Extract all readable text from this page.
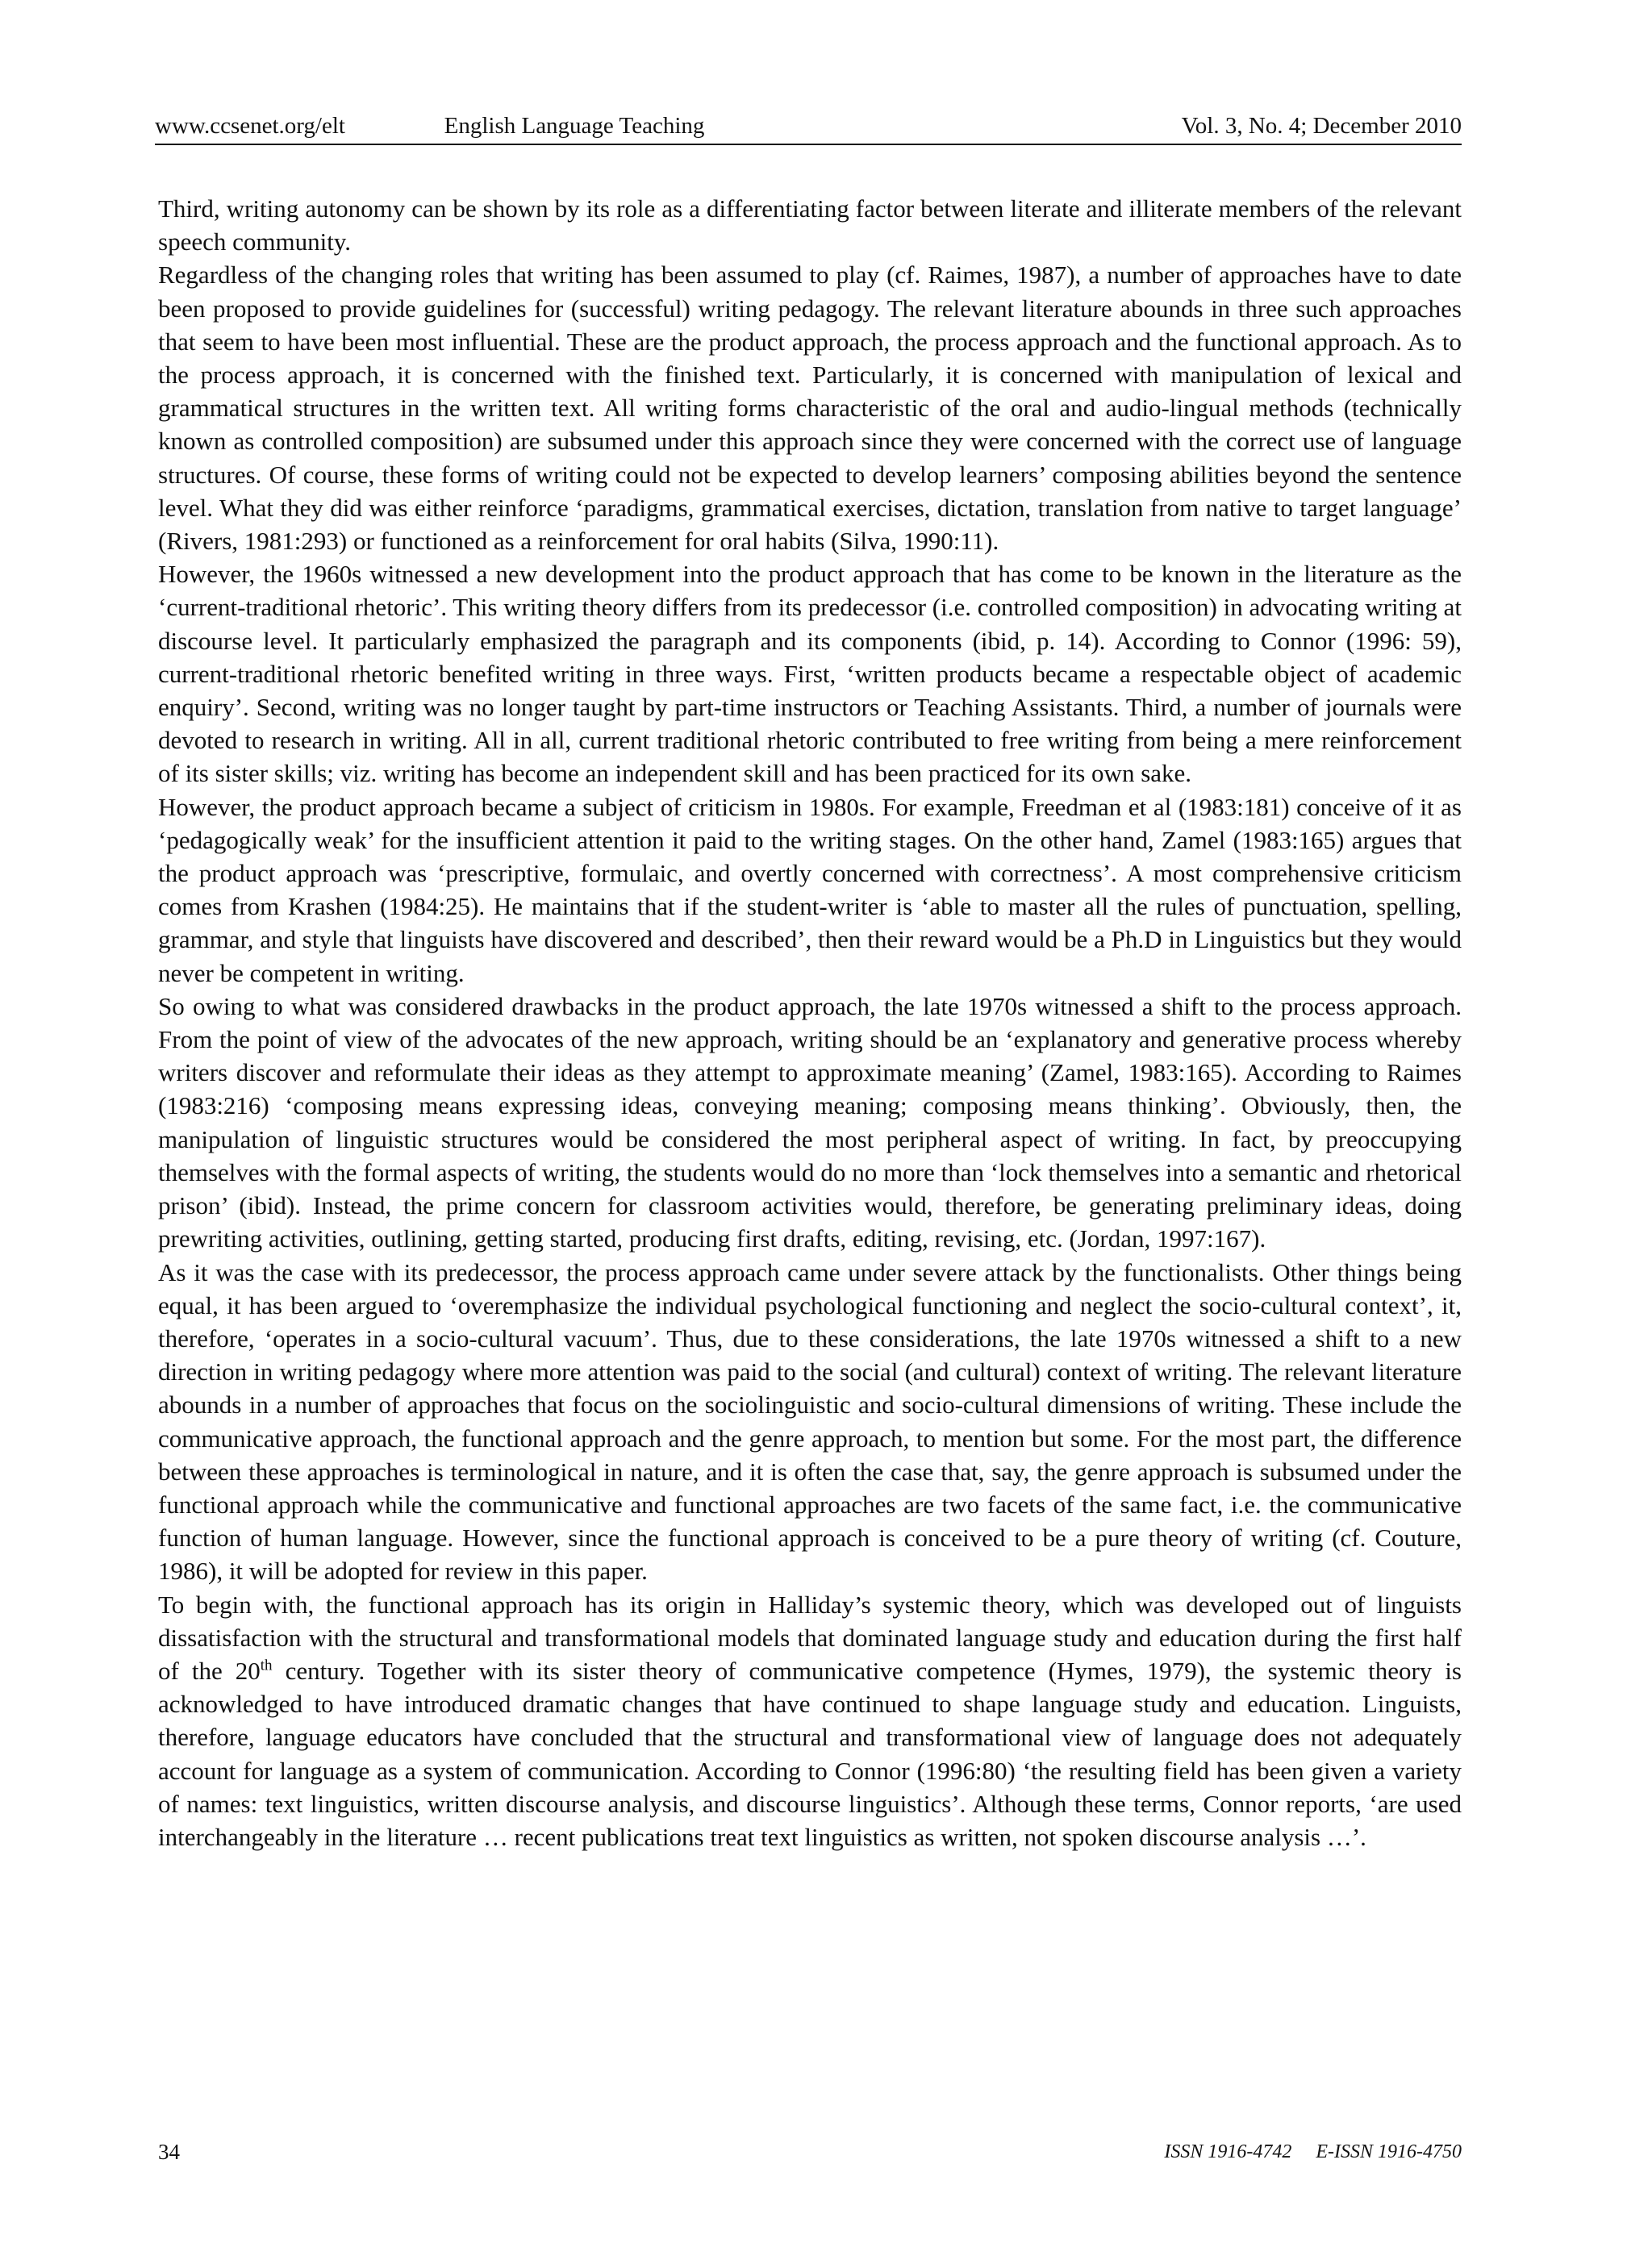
www.ccsenet.org/elt	English Language Teaching	Vol. 3, No. 4; December 2010

Third, writing autonomy can be shown by its role as a differentiating factor between literate and illiterate members of the relevant speech community.

Regardless of the changing roles that writing has been assumed to play (cf. Raimes, 1987), a number of approaches have to date been proposed to provide guidelines for (successful) writing pedagogy. The relevant literature abounds in three such approaches that seem to have been most influential. These are the product approach, the process approach and the functional approach. As to the process approach, it is concerned with the finished text. Particularly, it is concerned with manipulation of lexical and grammatical structures in the written text. All writing forms characteristic of the oral and audio-lingual methods (technically known as controlled composition) are subsumed under this approach since they were concerned with the correct use of language structures. Of course, these forms of writing could not be expected to develop learners’ composing abilities beyond the sentence level. What they did was either reinforce ‘paradigms, grammatical exercises, dictation, translation from native to target language’ (Rivers, 1981:293) or functioned as a reinforcement for oral habits (Silva, 1990:11).

However, the 1960s witnessed a new development into the product approach that has come to be known in the literature as the ‘current-traditional rhetoric’. This writing theory differs from its predecessor (i.e. controlled composition) in advocating writing at discourse level. It particularly emphasized the paragraph and its components (ibid, p. 14). According to Connor (1996: 59), current-traditional rhetoric benefited writing in three ways. First, ‘written products became a respectable object of academic enquiry’. Second, writing was no longer taught by part-time instructors or Teaching Assistants. Third, a number of journals were devoted to research in writing. All in all, current traditional rhetoric contributed to free writing from being a mere reinforcement of its sister skills; viz. writing has become an independent skill and has been practiced for its own sake.

However, the product approach became a subject of criticism in 1980s. For example, Freedman et al (1983:181) conceive of it as ‘pedagogically weak’ for the insufficient attention it paid to the writing stages. On the other hand, Zamel (1983:165) argues that the product approach was ‘prescriptive, formulaic, and overtly concerned with correctness’. A most comprehensive criticism comes from Krashen (1984:25). He maintains that if the student-writer is ‘able to master all the rules of punctuation, spelling, grammar, and style that linguists have discovered and described’, then their reward would be a Ph.D in Linguistics but they would never be competent in writing.

So owing to what was considered drawbacks in the product approach, the late 1970s witnessed a shift to the process approach. From the point of view of the advocates of the new approach, writing should be an ‘explanatory and generative process whereby writers discover and reformulate their ideas as they attempt to approximate meaning’ (Zamel, 1983:165). According to Raimes (1983:216) ‘composing means expressing ideas, conveying meaning; composing means thinking’. Obviously, then, the manipulation of linguistic structures would be considered the most peripheral aspect of writing. In fact, by preoccupying themselves with the formal aspects of writing, the students would do no more than ‘lock themselves into a semantic and rhetorical prison’ (ibid). Instead, the prime concern for classroom activities would, therefore, be generating preliminary ideas, doing prewriting activities, outlining, getting started, producing first drafts, editing, revising, etc. (Jordan, 1997:167).

As it was the case with its predecessor, the process approach came under severe attack by the functionalists. Other things being equal, it has been argued to ‘overemphasize the individual psychological functioning and neglect the socio-cultural context’, it, therefore, ‘operates in a socio-cultural vacuum’. Thus, due to these considerations, the late 1970s witnessed a shift to a new direction in writing pedagogy where more attention was paid to the social (and cultural) context of writing. The relevant literature abounds in a number of approaches that focus on the sociolinguistic and socio-cultural dimensions of writing. These include the communicative approach, the functional approach and the genre approach, to mention but some. For the most part, the difference between these approaches is terminological in nature, and it is often the case that, say, the genre approach is subsumed under the functional approach while the communicative and functional approaches are two facets of the same fact, i.e. the communicative function of human language. However, since the functional approach is conceived to be a pure theory of writing (cf. Couture, 1986), it will be adopted for review in this paper.

To begin with, the functional approach has its origin in Halliday’s systemic theory, which was developed out of linguists dissatisfaction with the structural and transformational models that dominated language study and education during the first half of the 20th century. Together with its sister theory of communicative competence (Hymes, 1979), the systemic theory is acknowledged to have introduced dramatic changes that have continued to shape language study and education. Linguists, therefore, language educators have concluded that the structural and transformational view of language does not adequately account for language as a system of communication. According to Connor (1996:80) ‘the resulting field has been given a variety of names: text linguistics, written discourse analysis, and discourse linguistics’. Although these terms, Connor reports, ‘are used interchangeably in the literature … recent publications treat text linguistics as written, not spoken discourse analysis …’.

34	ISSN 1916-4742     E-ISSN 1916-4750
